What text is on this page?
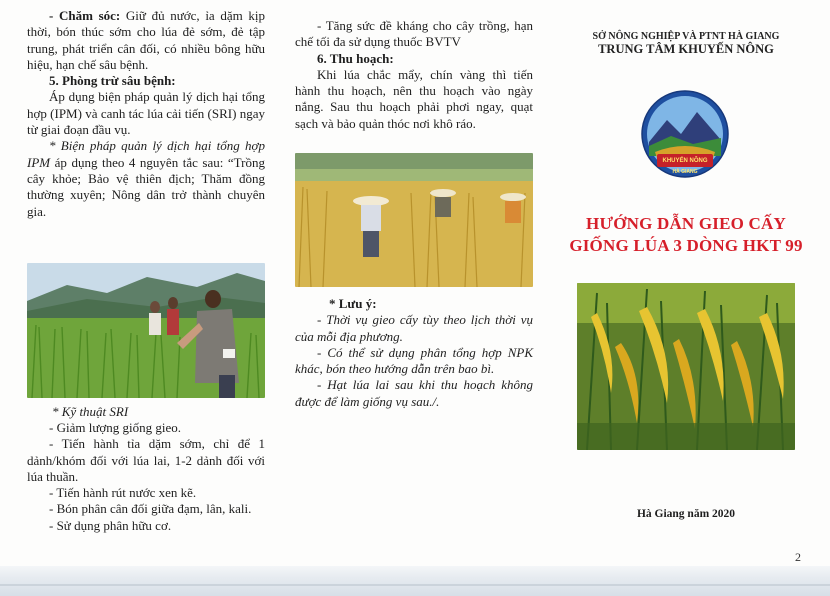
- Chăm sóc: Giữ đủ nước, ỉa dặm kịp thời, bón thúc sớm cho lúa đẻ sớm, đẻ tập trung, phát triển cân đối, có nhiều bông hữu hiệu, hạn chế sâu bệnh.

5. Phòng trừ sâu bệnh:

Áp dụng biện pháp quản lý dịch hại tổng hợp (IPM) và canh tác lúa cải tiến (SRI) ngay từ giai đoạn đầu vụ.

* Biện pháp quản lý dịch hại tổng hợp IPM áp dụng theo 4 nguyên tắc sau: “Trồng cây khỏe; Bảo vệ thiên địch; Thăm đồng thường xuyên; Nông dân trở thành chuyên gia.

* Kỹ thuật SRI

- Giảm lượng giống gieo.

- Tiến hành tỉa dặm sớm, chỉ để 1 dảnh/khóm đối với lúa lai, 1-2 dảnh đối với lúa thuần.

- Tiến hành rút nước xen kẽ.

- Bón phân cân đối giữa đạm, lân, kali.

- Sử dụng phân hữu cơ.

- Tăng sức đề kháng cho cây trồng, hạn chế tối đa sử dụng thuốc BVTV

6. Thu hoạch:

Khi lúa chắc mẩy, chín vàng thì tiến hành thu hoạch, nên thu hoạch vào ngày nắng. Sau thu hoạch phải phơi ngay, quạt sạch và bảo quản thóc nơi khô ráo.

* Lưu ý:

- Thời vụ gieo cấy tùy theo lịch thời vụ của mỗi địa phương.

- Có thể sử dụng phân tổng hợp NPK khác, bón theo hướng dẫn trên bao bì.

- Hạt lúa lai sau khi thu hoạch không được để làm giống vụ sau./.

SỞ NÔNG NGHIỆP VÀ PTNT HÀ GIANG
TRUNG TÂM KHUYẾN NÔNG
KHUYẾN NÔNG
HÀ GIANG
HƯỚNG DẪN GIEO CẤY
GIỐNG LÚA 3 DÒNG HKT 99
Hà Giang năm 2020
2
